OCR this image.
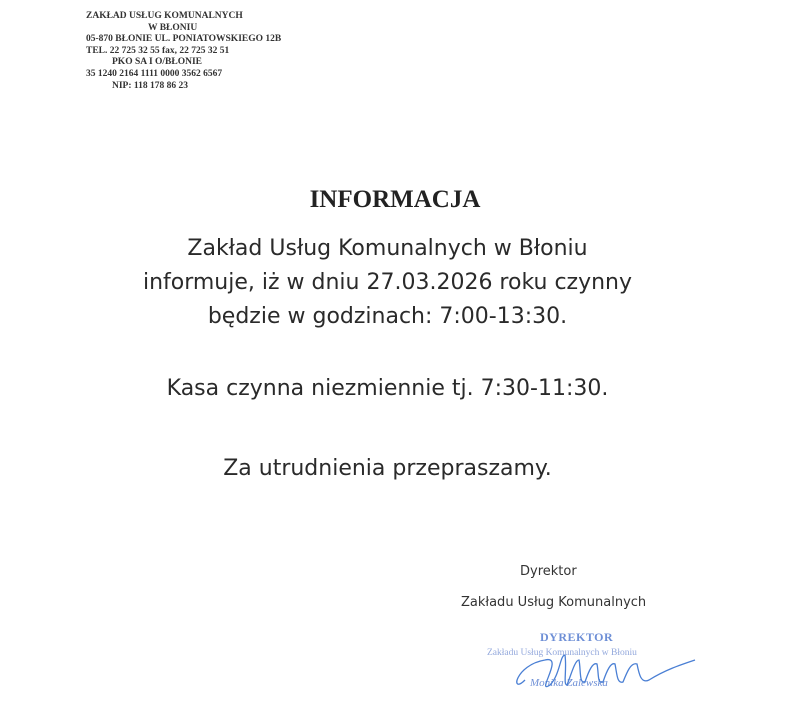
ZAKŁAD USŁUG KOMUNALNYCH
W BŁONIU
05-870 BŁONIE UL. PONIATOWSKIEGO 12B
TEL. 22 725 32 55 fax, 22 725 32 51
PKO SA I O/BŁONIE
35 1240 2164 1111 0000 3562 6567
NIP: 118 178 86 23
INFORMACJA
Zakład Usług Komunalnych w Błoniu
informuje, iż w dniu 27.03.2026 roku czynny
będzie w godzinach: 7:00-13:30.
Kasa czynna niezmiennie tj. 7:30-11:30.
Za utrudnienia przepraszamy.
Dyrektor
Zakładu Usług Komunalnych
DYREKTOR
Zakładu Usług Komunalnych w Błoniu
Monika Zalewska
